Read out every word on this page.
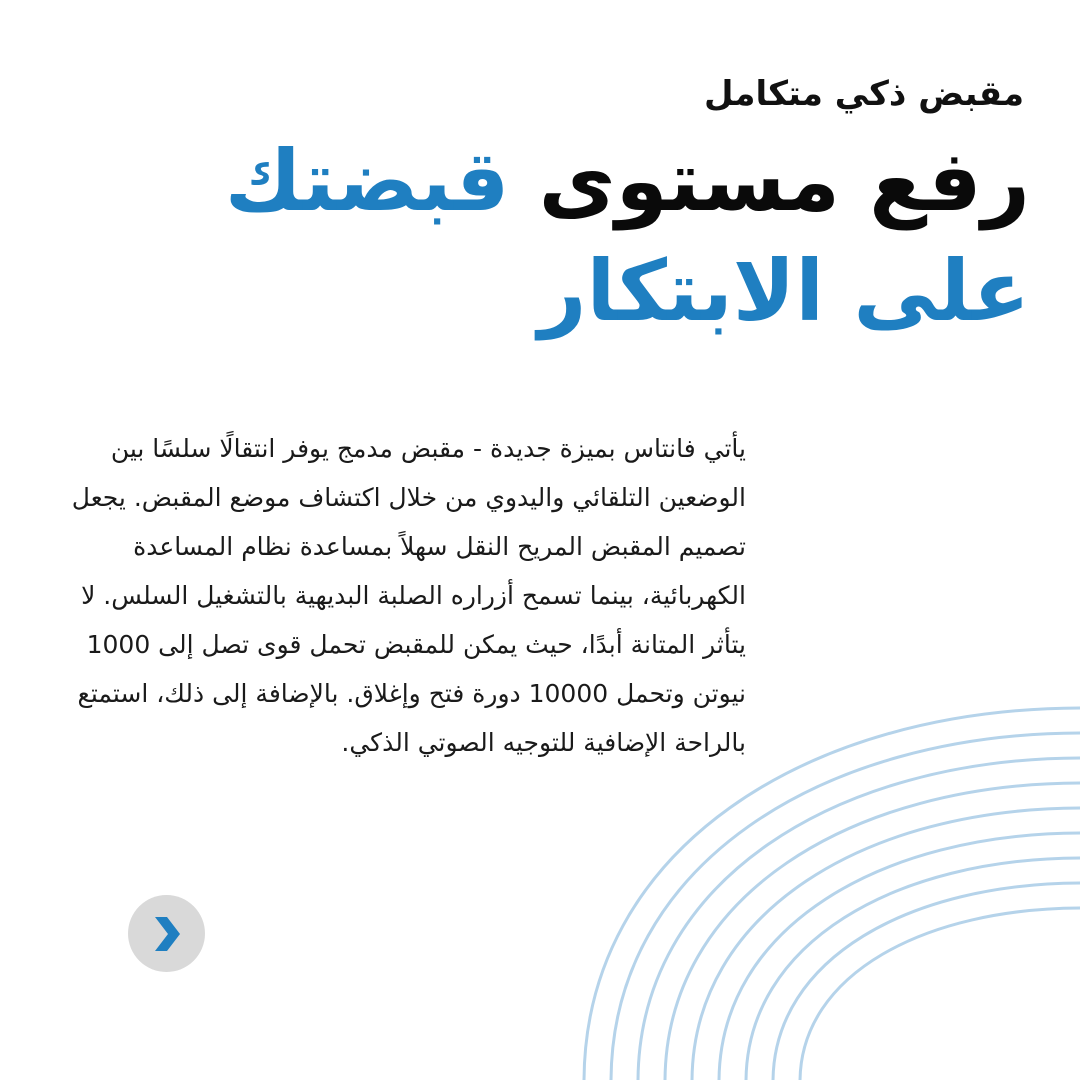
مقبض ذكي متكامل
رفع مستوى قبضتك
على الابتكار

يأتي فانتاس بميزة جديدة - مقبض مدمج يوفر انتقالًا سلسًا بين الوضعين التلقائي واليدوي من خلال اكتشاف موضع المقبض. يجعل تصميم المقبض المريح النقل سهلاً بمساعدة نظام المساعدة الكهربائية، بينما تسمح أزراره الصلبة البديهية بالتشغيل السلس. لا يتأثر المتانة أبدًا، حيث يمكن للمقبض تحمل قوى تصل إلى 1000 نيوتن وتحمل 10000 دورة فتح وإغلاق. بالإضافة إلى ذلك، استمتع بالراحة الإضافية للتوجيه الصوتي الذكي.
